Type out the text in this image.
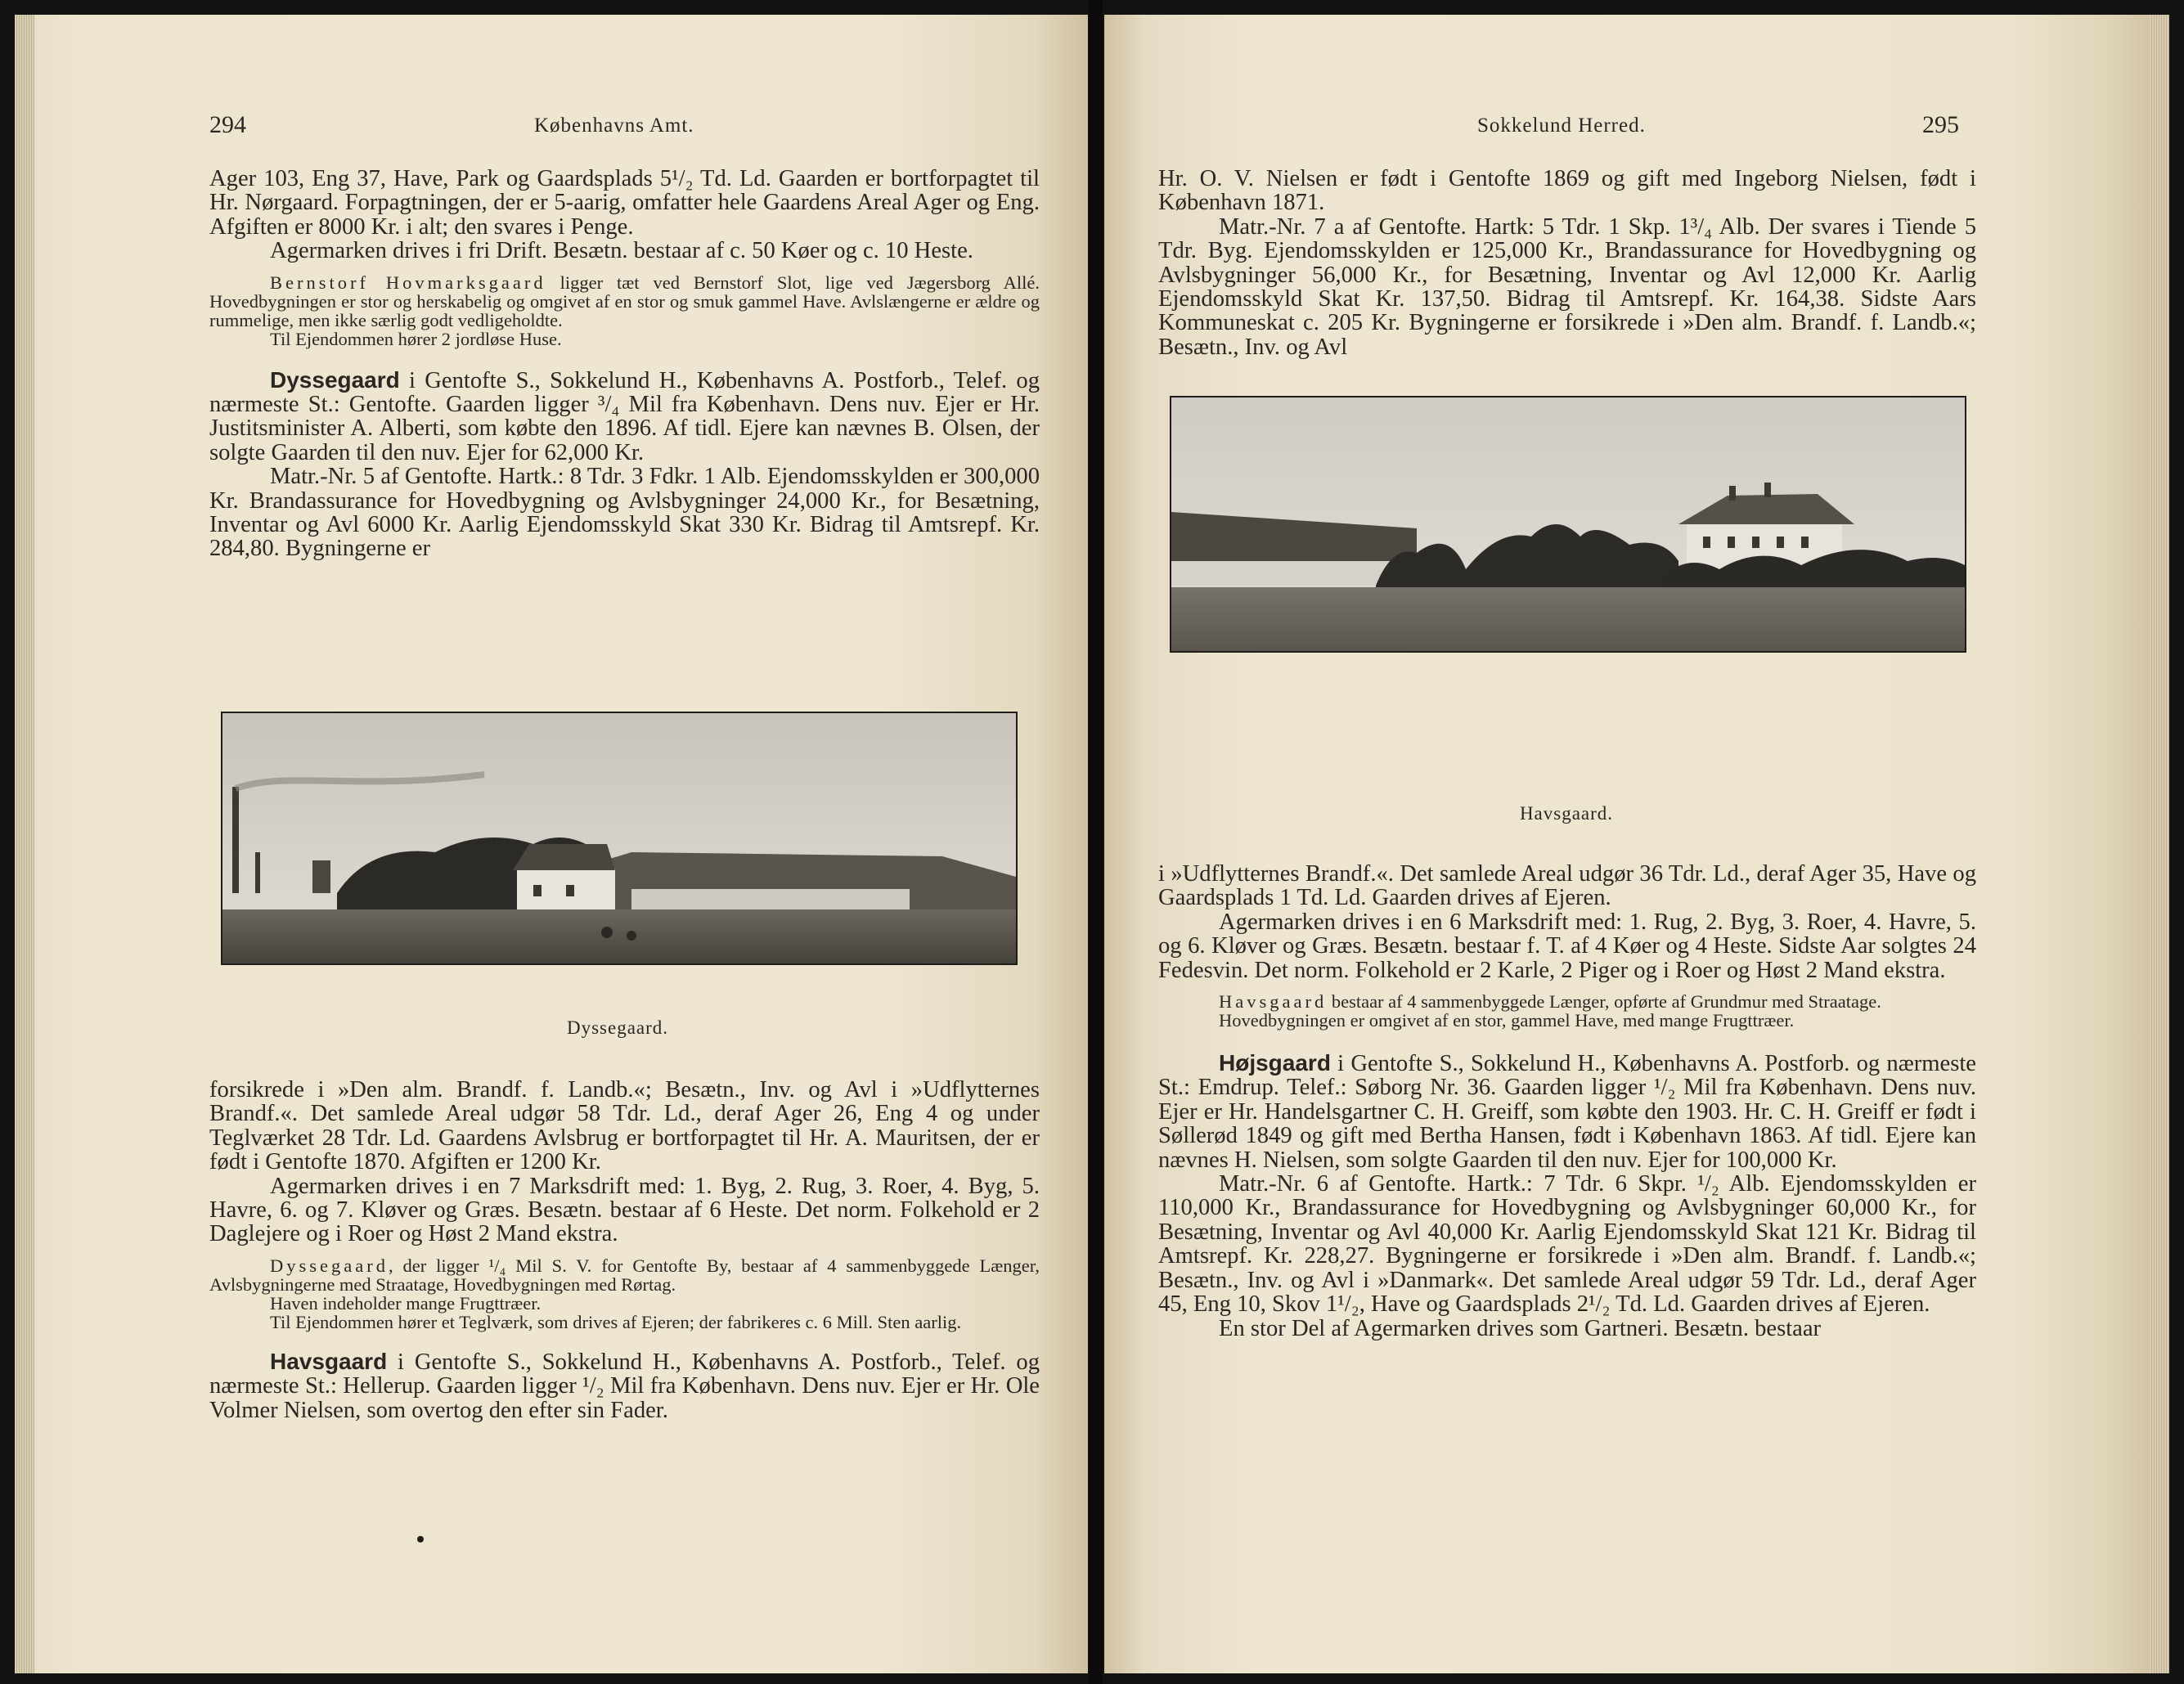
294	Københavns Amt.

Ager 103, Eng 37, Have, Park og Gaardsplads 5¹/₂ Td. Ld. Gaarden er bortforpagtet til Hr. Nørgaard. Forpagtningen, der er 5-aarig, omfatter hele Gaardens Areal Ager og Eng. Afgiften er 8000 Kr. i alt; den svares i Penge.

Agermarken drives i fri Drift. Besætn. bestaar af c. 50 Køer og c. 10 Heste.

Bernstorf Hovmarksgaard ligger tæt ved Bernstorf Slot, lige ved Jægersborg Allé. Hovedbygningen er stor og herskabelig og omgivet af en stor og smuk gammel Have. Avlslængerne er ældre og rummelige, men ikke særlig godt vedligeholdte.

Til Ejendommen hører 2 jordløse Huse.

Dyssegaard i Gentofte S., Sokkelund H., Københavns A. Postforb., Telef. og nærmeste St.: Gentofte. Gaarden ligger ³/₄ Mil fra København. Dens nuv. Ejer er Hr. Justitsminister A. Alberti, som købte den 1896. Af tidl. Ejere kan nævnes B. Olsen, der solgte Gaarden til den nuv. Ejer for 62,000 Kr.

Matr.-Nr. 5 af Gentofte. Hartk.: 8 Tdr. 3 Fdkr. 1 Alb. Ejendomsskylden er 300,000 Kr. Brandassurance for Hovedbygning og Avlsbygninger 24,000 Kr., for Besætning, Inventar og Avl 6000 Kr. Aarlig Ejendomsskyld Skat 330 Kr. Bidrag til Amtsrepf. Kr. 284,80. Bygningerne er

Dyssegaard.

forsikrede i »Den alm. Brandf. f. Landb.«; Besætn., Inv. og Avl i »Udflytternes Brandf.«. Det samlede Areal udgør 58 Tdr. Ld., deraf Ager 26, Eng 4 og under Teglværket 28 Tdr. Ld. Gaardens Avlsbrug er bortforpagtet til Hr. A. Mauritsen, der er født i Gentofte 1870. Afgiften er 1200 Kr.

Agermarken drives i en 7 Marksdrift med: 1. Byg, 2. Rug, 3. Roer, 4. Byg, 5. Havre, 6. og 7. Kløver og Græs. Besætn. bestaar af 6 Heste. Det norm. Folkehold er 2 Daglejere og i Roer og Høst 2 Mand ekstra.

Dyssegaard, der ligger ¹/₄ Mil S. V. for Gentofte By, bestaar af 4 sammenbyggede Længer, Avlsbygningerne med Straatage, Hovedbygningen med Rørtag.

Haven indeholder mange Frugttræer.

Til Ejendommen hører et Teglværk, som drives af Ejeren; der fabrikeres c. 6 Mill. Sten aarlig.

Havsgaard i Gentofte S., Sokkelund H., Københavns A. Postforb., Telef. og nærmeste St.: Hellerup. Gaarden ligger ¹/₂ Mil fra København. Dens nuv. Ejer er Hr. Ole Volmer Nielsen, som overtog den efter sin Fader.

Sokkelund Herred.	295

Hr. O. V. Nielsen er født i Gentofte 1869 og gift med Ingeborg Nielsen, født i København 1871.

Matr.-Nr. 7 a af Gentofte. Hartk: 5 Tdr. 1 Skp. 1³/₄ Alb. Der svares i Tiende 5 Tdr. Byg. Ejendomsskylden er 125,000 Kr., Brandassurance for Hovedbygning og Avlsbygninger 56,000 Kr., for Besætning, Inventar og Avl 12,000 Kr. Aarlig Ejendomsskyld Skat Kr. 137,50. Bidrag til Amtsrepf. Kr. 164,38. Sidste Aars Kommuneskat c. 205 Kr. Bygningerne er forsikrede i »Den alm. Brandf. f. Landb.«; Besætn., Inv. og Avl

Havsgaard.

i »Udflytternes Brandf.«. Det samlede Areal udgør 36 Tdr. Ld., deraf Ager 35, Have og Gaardsplads 1 Td. Ld. Gaarden drives af Ejeren.

Agermarken drives i en 6 Marksdrift med: 1. Rug, 2. Byg, 3. Roer, 4. Havre, 5. og 6. Kløver og Græs. Besætn. bestaar f. T. af 4 Køer og 4 Heste. Sidste Aar solgtes 24 Fedesvin. Det norm. Folkehold er 2 Karle, 2 Piger og i Roer og Høst 2 Mand ekstra.

Havsgaard bestaar af 4 sammenbyggede Længer, opførte af Grundmur med Straatage.

Hovedbygningen er omgivet af en stor, gammel Have, med mange Frugttræer.

Højsgaard i Gentofte S., Sokkelund H., Københavns A. Postforb. og nærmeste St.: Emdrup. Telef.: Søborg Nr. 36. Gaarden ligger ¹/₂ Mil fra København. Dens nuv. Ejer er Hr. Handelsgartner C. H. Greiff, som købte den 1903. Hr. C. H. Greiff er født i Søllerød 1849 og gift med Bertha Hansen, født i København 1863. Af tidl. Ejere kan nævnes H. Nielsen, som solgte Gaarden til den nuv. Ejer for 100,000 Kr.

Matr.-Nr. 6 af Gentofte. Hartk.: 7 Tdr. 6 Skpr. ¹/₂ Alb. Ejendomsskylden er 110,000 Kr., Brandassurance for Hovedbygning og Avlsbygninger 60,000 Kr., for Besætning, Inventar og Avl 40,000 Kr. Aarlig Ejendomsskyld Skat 121 Kr. Bidrag til Amtsrepf. Kr. 228,27. Bygningerne er forsikrede i »Den alm. Brandf. f. Landb.«; Besætn., Inv. og Avl i »Danmark«. Det samlede Areal udgør 59 Tdr. Ld., deraf Ager 45, Eng 10, Skov 1¹/₂, Have og Gaardsplads 2¹/₂ Td. Ld. Gaarden drives af Ejeren.

En stor Del af Agermarken drives som Gartneri. Besætn. bestaar
